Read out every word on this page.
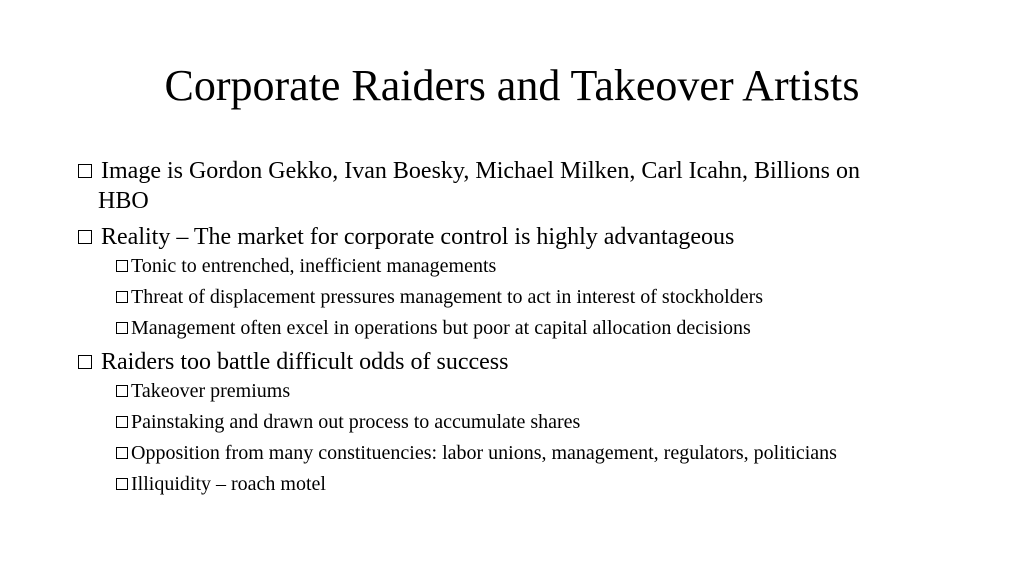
Corporate Raiders and Takeover Artists
Image is Gordon Gekko, Ivan Boesky, Michael Milken, Carl Icahn, Billions on HBO
Reality – The market for corporate control is highly advantageous
Tonic to entrenched, inefficient managements
Threat of displacement pressures management to act in interest of stockholders
Management often excel in operations but poor at capital allocation decisions
Raiders too battle difficult odds of success
Takeover premiums
Painstaking and drawn out process to accumulate shares
Opposition from many constituencies: labor unions, management, regulators, politicians
Illiquidity – roach motel
